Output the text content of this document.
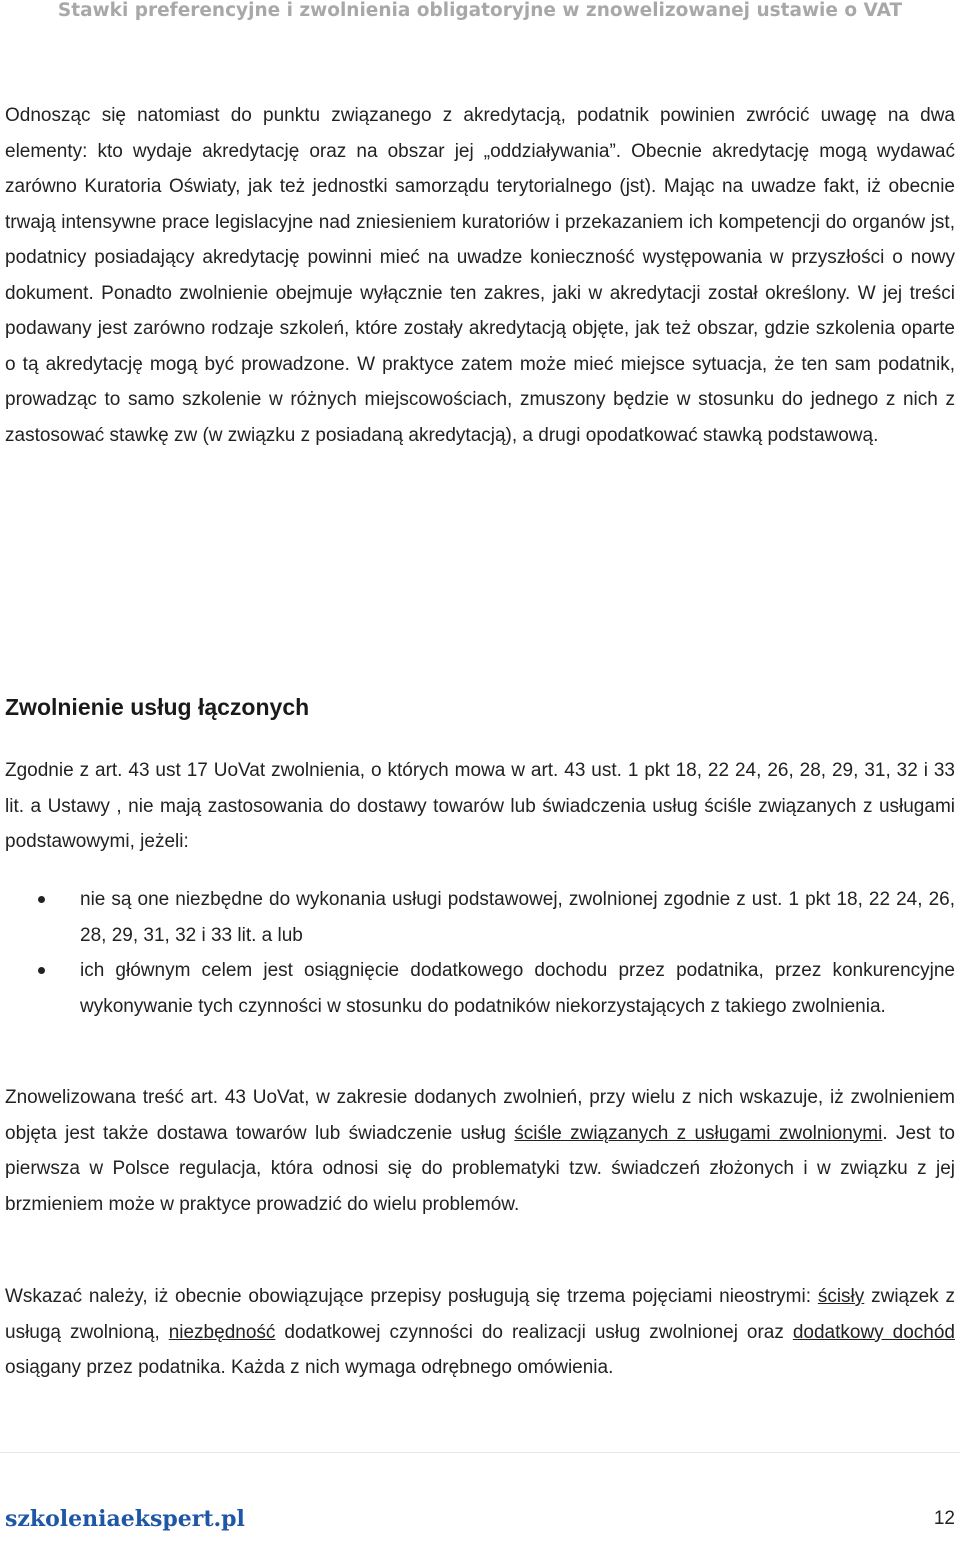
Stawki preferencyjne i zwolnienia obligatoryjne w znowelizowanej ustawie o VAT

Odnosząc się natomiast do punktu związanego z akredytacją, podatnik powinien zwrócić uwagę na dwa elementy: kto wydaje akredytację oraz na obszar jej „oddziaływania”. Obecnie akredytację mogą wydawać zarówno Kuratoria Oświaty, jak też jednostki samorządu terytorialnego (jst). Mając na uwadze fakt, iż obecnie trwają intensywne prace legislacyjne nad zniesieniem kuratoriów i przekazaniem ich kompetencji do organów jst, podatnicy posiadający akredytację powinni mieć na uwadze konieczność występowania w przyszłości o nowy dokument. Ponadto zwolnienie obejmuje wyłącznie ten zakres, jaki w akredytacji został określony. W jej treści podawany jest zarówno rodzaje szkoleń, które zostały akredytacją objęte, jak też obszar, gdzie szkolenia oparte o tą akredytację mogą być prowadzone. W praktyce zatem może mieć miejsce sytuacja, że ten sam podatnik, prowadząc to samo szkolenie w różnych miejscowościach, zmuszony będzie w stosunku do jednego z nich z zastosować stawkę zw (w związku z posiadaną akredytacją), a drugi opodatkować stawką podstawową.

Zwolnienie usług łączonych

Zgodnie z art. 43 ust 17 UoVat zwolnienia, o których mowa w art. 43 ust. 1 pkt 18, 22 24, 26, 28, 29, 31, 32 i 33 lit. a Ustawy , nie mają zastosowania do dostawy towarów lub świadczenia usług ściśle związanych z usługami podstawowymi, jeżeli:

nie są one niezbędne do wykonania usługi podstawowej, zwolnionej zgodnie z ust. 1 pkt 18, 22 24, 26, 28, 29, 31, 32 i 33 lit. a lub
ich głównym celem jest osiągnięcie dodatkowego dochodu przez podatnika, przez konkurencyjne wykonywanie tych czynności w stosunku do podatników niekorzystających z takiego zwolnienia.

Znowelizowana treść art. 43 UoVat, w zakresie dodanych zwolnień, przy wielu z nich wskazuje, iż zwolnieniem objęta jest także dostawa towarów lub świadczenie usług ściśle związanych z usługami zwolnionymi. Jest to pierwsza w Polsce regulacja, która odnosi się do problematyki tzw. świadczeń złożonych i w związku z jej brzmieniem może w praktyce prowadzić do wielu problemów.

Wskazać należy, iż obecnie obowiązujące przepisy posługują się trzema pojęciami nieostrymi: ścisły związek z usługą zwolnioną, niezbędność dodatkowej czynności do realizacji usług zwolnionej oraz dodatkowy dochód osiągany przez podatnika. Każda z nich wymaga odrębnego omówienia.

szkoleniaekspert.pl	12
